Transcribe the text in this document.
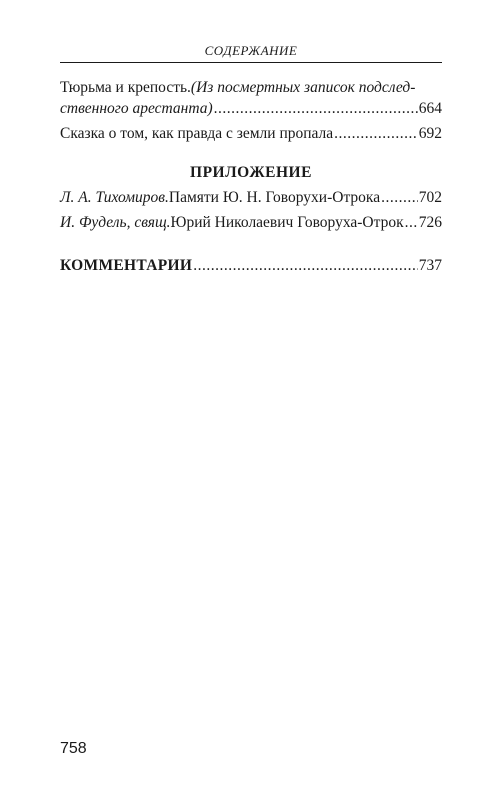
СОДЕРЖАНИЕ
Тюрьма и крепость. (Из посмертных записок подслед-
ственного арестанта) .....	664
Сказка о том, как правда с земли пропала .....	692
ПРИЛОЖЕНИЕ
Л. А. Тихомиров. Памяти Ю. Н. Говорухи-Отрока ..... 702
И. Фудель, свящ. Юрий Николаевич Говоруха-Отрок ..... 726
КОММЕНТАРИИ .....	737
758
